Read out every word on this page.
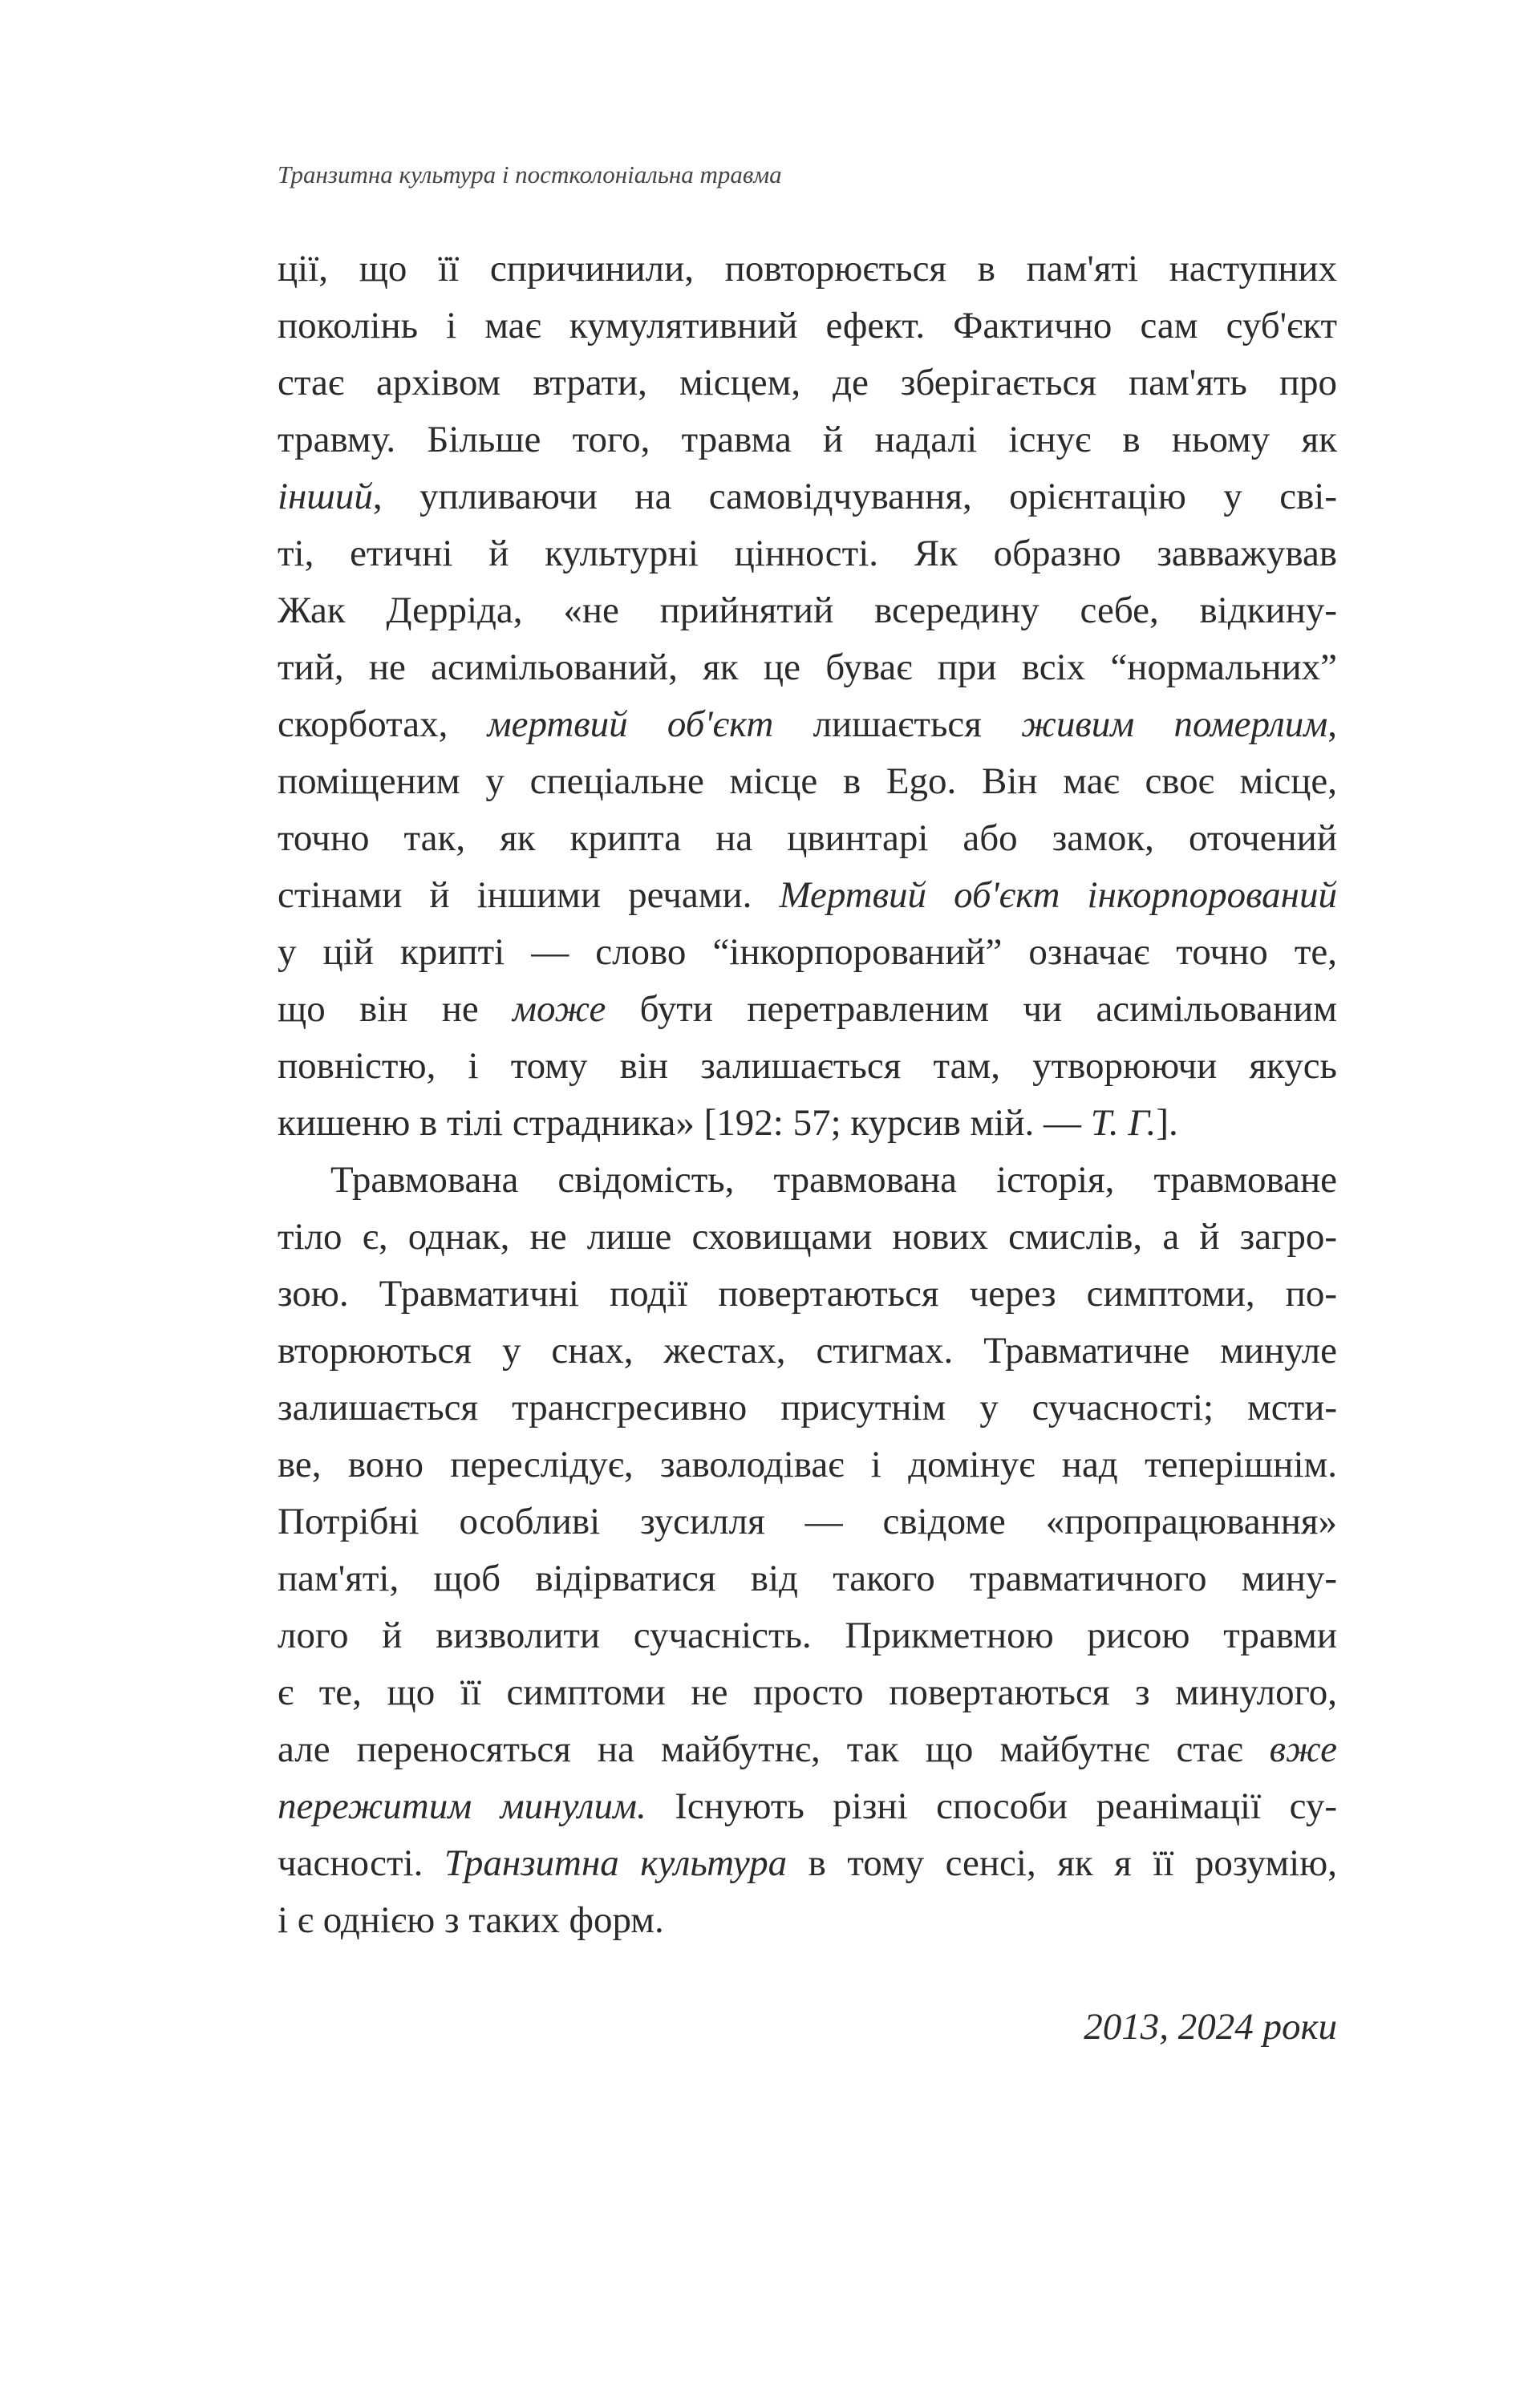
Транзитна культура і постколоніальна травма
ції, що її спричинили, повторюється в пам'яті наступних
поколінь і має кумулятивний ефект. Фактично сам суб'єкт
стає архівом втрати, місцем, де зберігається пам'ять про
травму. Більше того, травма й надалі існує в ньому як
інший, упливаючи на самовідчування, орієнтацію у сві-
ті, етичні й культурні цінності. Як образно завважував
Жак Дерріда, «не прийнятий всередину себе, відкину-
тий, не асимільований, як це буває при всіх “нормальних”
скорботах, мертвий об'єкт лишається живим померлим,
поміщеним у спеціальне місце в Ego. Він має своє місце,
точно так, як крипта на цвинтарі або замок, оточений
стінами й іншими речами. Мертвий об'єкт інкорпорований
у цій крипті — слово “інкорпорований” означає точно те,
що він не може бути перетравленим чи асимільованим
повністю, і тому він залишається там, утворюючи якусь
кишеню в тілі страдника» [192: 57; курсив мій. — Т. Г.].
Травмована свідомість, травмована історія, травмоване
тіло є, однак, не лише сховищами нових смислів, а й загро-
зою. Травматичні події повертаються через симптоми, по-
вторюються у снах, жестах, стигмах. Травматичне минуле
залишається трансгресивно присутнім у сучасності; мсти-
ве, воно переслідує, заволодіває і домінує над теперішнім.
Потрібні особливі зусилля — свідоме «пропрацювання»
пам'яті, щоб відірватися від такого травматичного мину-
лого й визволити сучасність. Прикметною рисою травми
є те, що її симптоми не просто повертаються з минулого,
але переносяться на майбутнє, так що майбутнє стає вже
пережитим минулим. Існують різні способи реанімації су-
часності. Транзитна культура в тому сенсі, як я її розумію,
і є однією з таких форм.
2013, 2024 роки
